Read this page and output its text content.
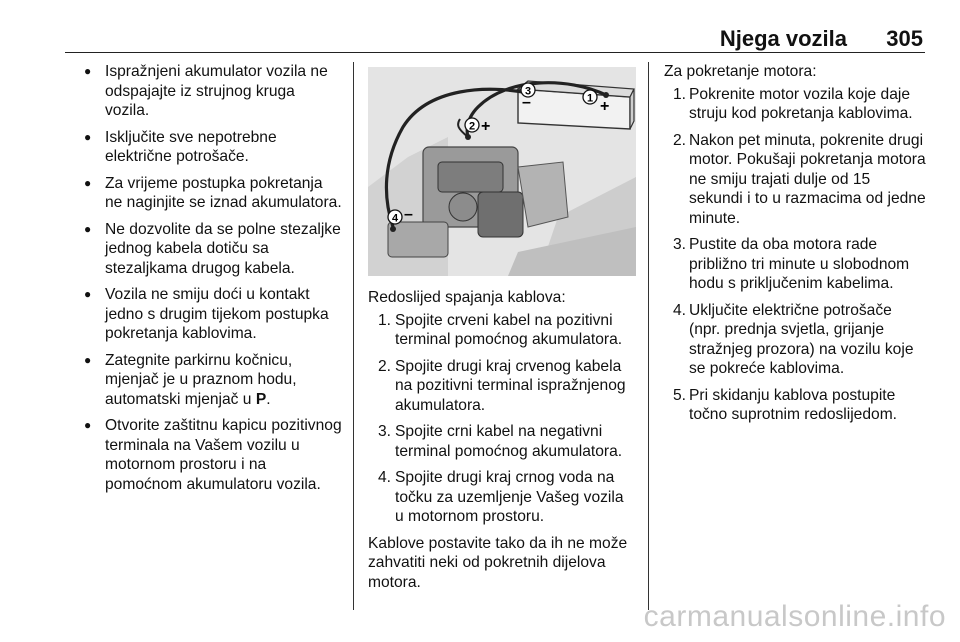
Njega vozila 305
● Ispražnjeni akumulator vozila ne odspajajte iz strujnog kruga vozila.
● Isključite sve nepotrebne električne potrošače.
● Za vrijeme postupka pokretanja ne naginjite se iznad akumulatora.
● Ne dozvolite da se polne stezaljke jednog kabela dotiču sa stezaljkama drugog kabela.
● Vozila ne smiju doći u kontakt jedno s drugim tijekom postupka pokretanja kablovima.
● Zategnite parkirnu kočnicu, mjenjač je u praznom hodu, automatski mjenjač u P.
● Otvorite zaštitnu kapicu pozitivnog terminala na Vašem vozilu u motornom prostoru i na pomoćnom akumulatoru vozila.
1 +
2 +
3
–
4 –

Redoslijed spajanja kablova:

1. Spojite crveni kabel na pozitivni terminal pomoćnog akumulatora.
2. Spojite drugi kraj crvenog kabela na pozitivni terminal ispražnjenog akumulatora.
3. Spojite crni kabel na negativni terminal pomoćnog akumulatora.
4. Spojite drugi kraj crnog voda na točku za uzemljenje Vašeg vozila u motornom prostoru.

Kablove postavite tako da ih ne može zahvatiti neki od pokretnih dijelova motora.

Za pokretanje motora:

1. Pokrenite motor vozila koje daje struju kod pokretanja kablovima.
2. Nakon pet minuta, pokrenite drugi motor. Pokušaji pokretanja motora ne smiju trajati dulje od 15 sekundi i to u razmacima od jedne minute.
3. Pustite da oba motora rade približno tri minute u slobodnom hodu s priključenim kabelima.
4. Uključite električne potrošače (npr. prednja svjetla, grijanje stražnjeg prozora) na vozilu koje se pokreće kablovima.
5. Pri skidanju kablova postupite točno suprotnim redoslijedom.
carmanualsonline.info
